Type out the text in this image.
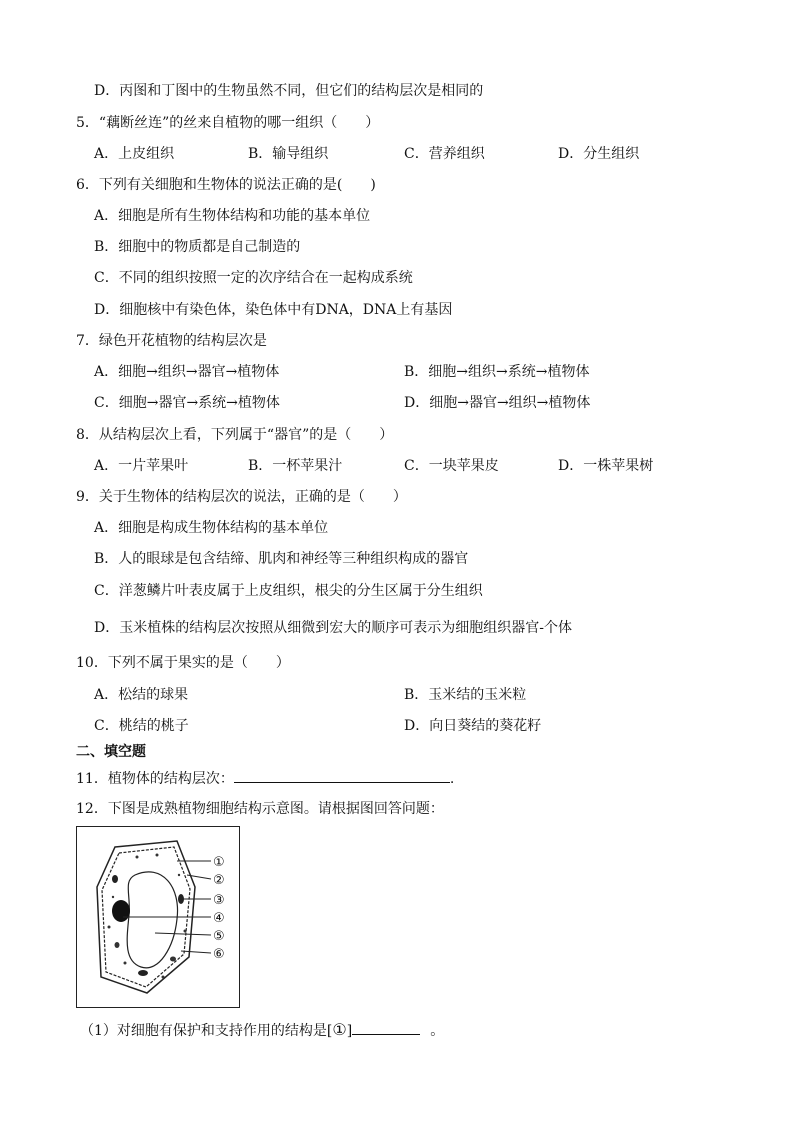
D．丙图和丁图中的生物虽然不同，但它们的结构层次是相同的
5．“藕断丝连”的丝来自植物的哪一组织（　　）
A．上皮组织	B．输导组织	C．营养组织	D．分生组织
6．下列有关细胞和生物体的说法正确的是(　　)
A．细胞是所有生物体结构和功能的基本单位
B．细胞中的物质都是自己制造的
C．不同的组织按照一定的次序结合在一起构成系统
D．细胞核中有染色体，染色体中有DNA，DNA上有基因
7．绿色开花植物的结构层次是
A．细胞→组织→器官→植物体	B．细胞→组织→系统→植物体
C．细胞→器官→系统→植物体	D．细胞→器官→组织→植物体
8．从结构层次上看，下列属于“器官”的是（　　）
A．一片苹果叶	B．一杯苹果汁	C．一块苹果皮	D．一株苹果树
9．关于生物体的结构层次的说法，正确的是（　　）
A．细胞是构成生物体结构的基本单位
B．人的眼球是包含结缔、肌肉和神经等三种组织构成的器官
C．洋葱鳞片叶表皮属于上皮组织，根尖的分生区属于分生组织
D．玉米植株的结构层次按照从细微到宏大的顺序可表示为细胞组织器官-个体
10．下列不属于果实的是（　　）
A．松结的球果	B．玉米结的玉米粒
C．桃结的桃子	D．向日葵结的葵花籽
二、填空题
11．植物体的结构层次：	.
12．下图是成熟植物细胞结构示意图。请根据图回答问题：
①
②
③
④
⑤
⑥
（1）对细胞有保护和支持作用的结构是[①]	。
